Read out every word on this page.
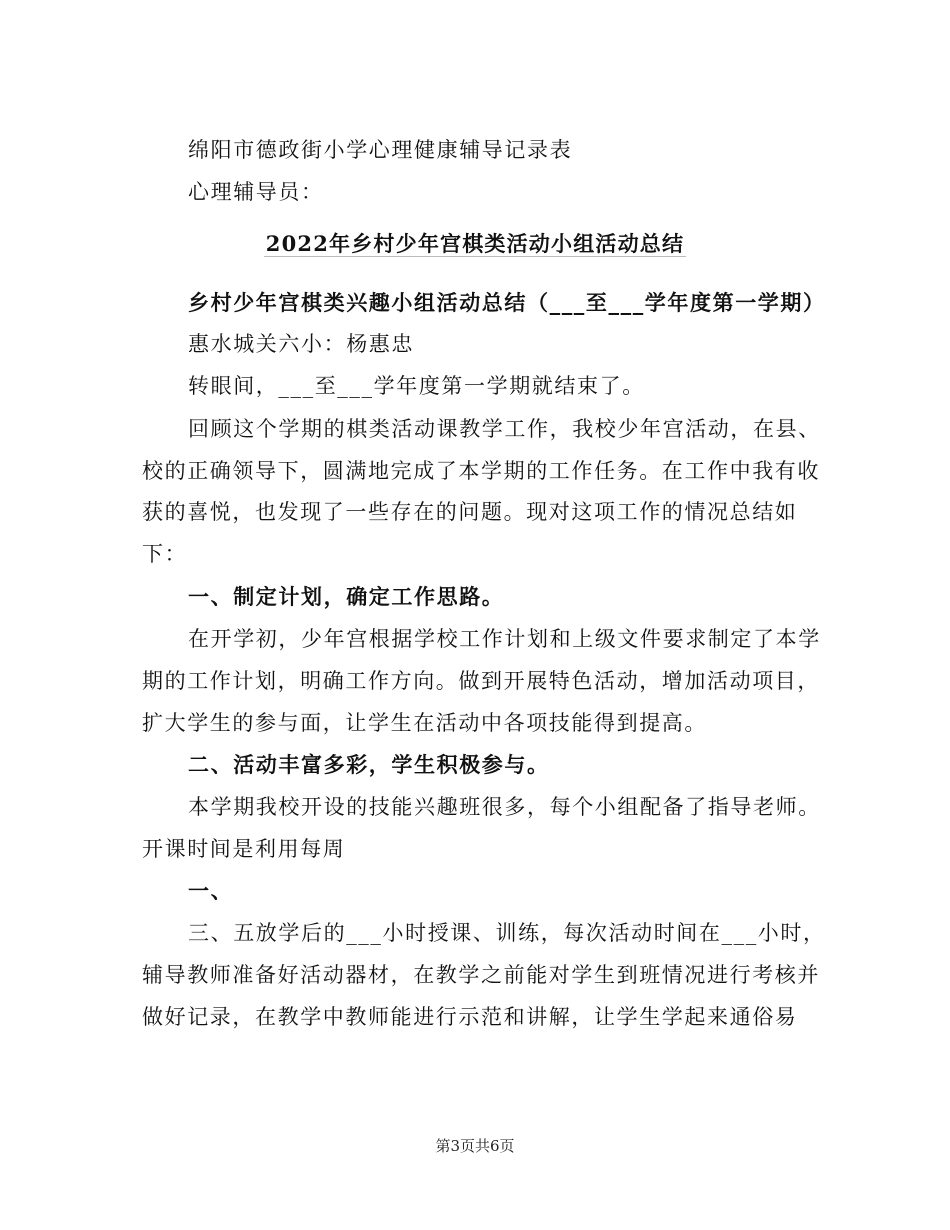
绵阳市德政街小学心理健康辅导记录表
心理辅导员：
2022年乡村少年宫棋类活动小组活动总结
乡村少年宫棋类兴趣小组活动总结（___至___学年度第一学期）
惠水城关六小：杨惠忠
转眼间，___至___学年度第一学期就结束了。
回顾这个学期的棋类活动课教学工作，我校少年宫活动，在县、
校的正确领导下，圆满地完成了本学期的工作任务。在工作中我有收
获的喜悦，也发现了一些存在的问题。现对这项工作的情况总结如
下：
一、制定计划，确定工作思路。
在开学初，少年宫根据学校工作计划和上级文件要求制定了本学
期的工作计划，明确工作方向。做到开展特色活动，增加活动项目，
扩大学生的参与面，让学生在活动中各项技能得到提高。
二、活动丰富多彩，学生积极参与。
本学期我校开设的技能兴趣班很多，每个小组配备了指导老师。
开课时间是利用每周
一、
三、五放学后的___小时授课、训练，每次活动时间在___小时，
辅导教师准备好活动器材，在教学之前能对学生到班情况进行考核并
做好记录，在教学中教师能进行示范和讲解，让学生学起来通俗易
第3页共6页
